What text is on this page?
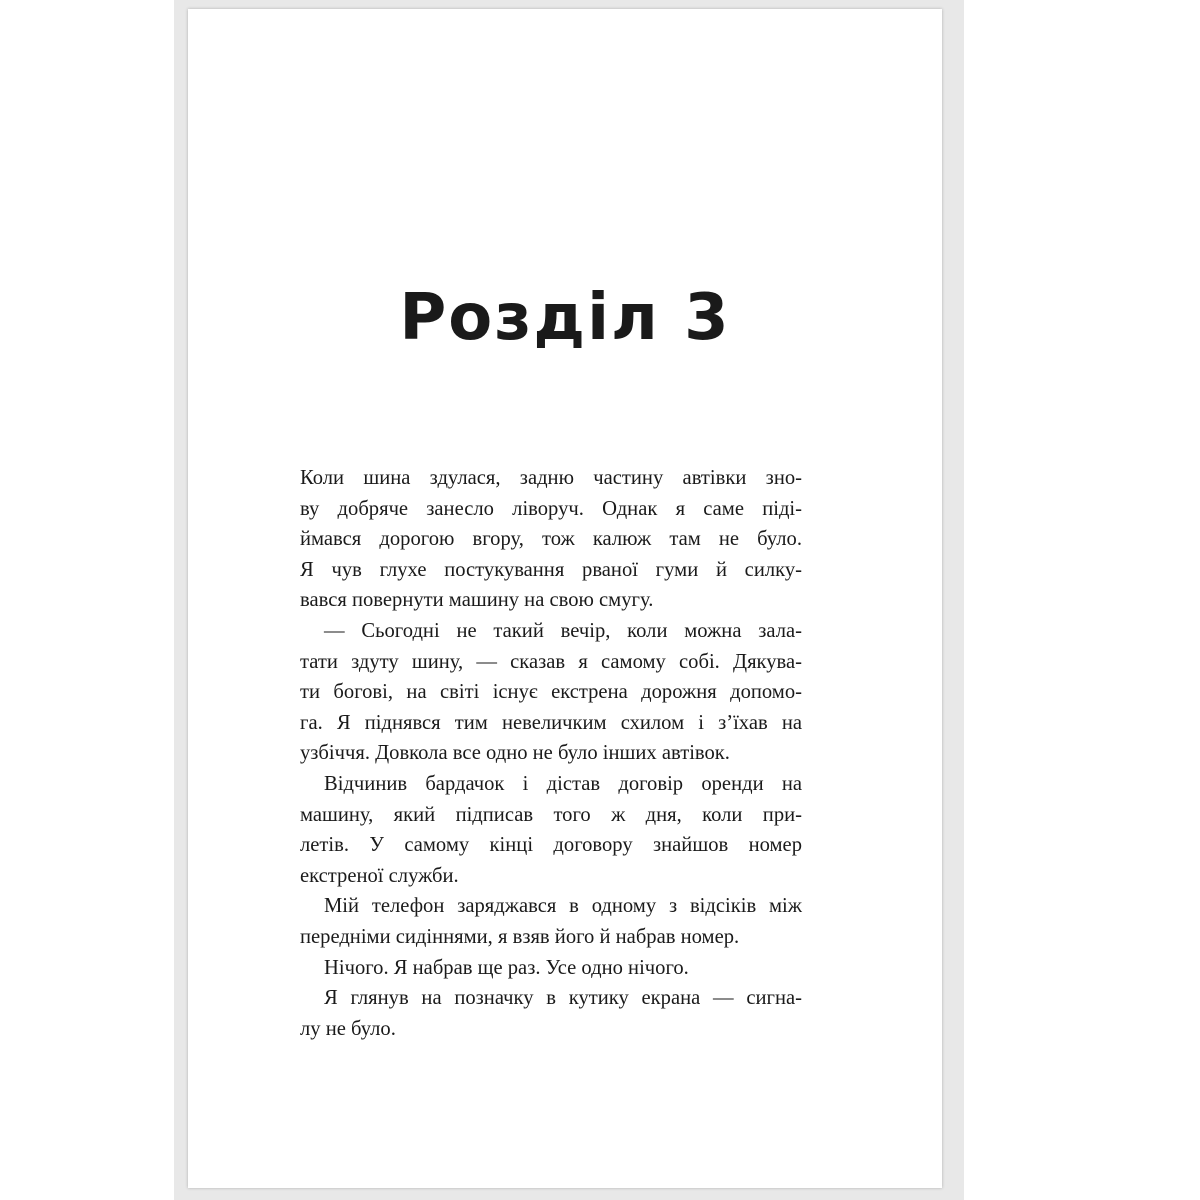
Розділ 3
Коли шина здулася, задню частину автівки зно-
ву добряче занесло ліворуч. Однак я саме піді-
ймався дорогою вгору, тож калюж там не було.
Я чув глухе постукування рваної гуми й силку-
вався повернути машину на свою смугу.
— Сьогодні не такий вечір, коли можна зала-
тати здуту шину, — сказав я самому собі. Дякува-
ти богові, на світі існує екстрена дорожня допомо-
га. Я піднявся тим невеличким схилом і з’їхав на
узбіччя. Довкола все одно не було інших автівок.
Відчинив бардачок і дістав договір оренди на
машину, який підписав того ж дня, коли при-
летів. У самому кінці договору знайшов номер
екстреної служби.
Мій телефон заряджався в одному з відсіків між
передніми сидіннями, я взяв його й набрав номер.
Нічого. Я набрав ще раз. Усе одно нічого.
Я глянув на позначку в кутику екрана — сигна-
лу не було.
